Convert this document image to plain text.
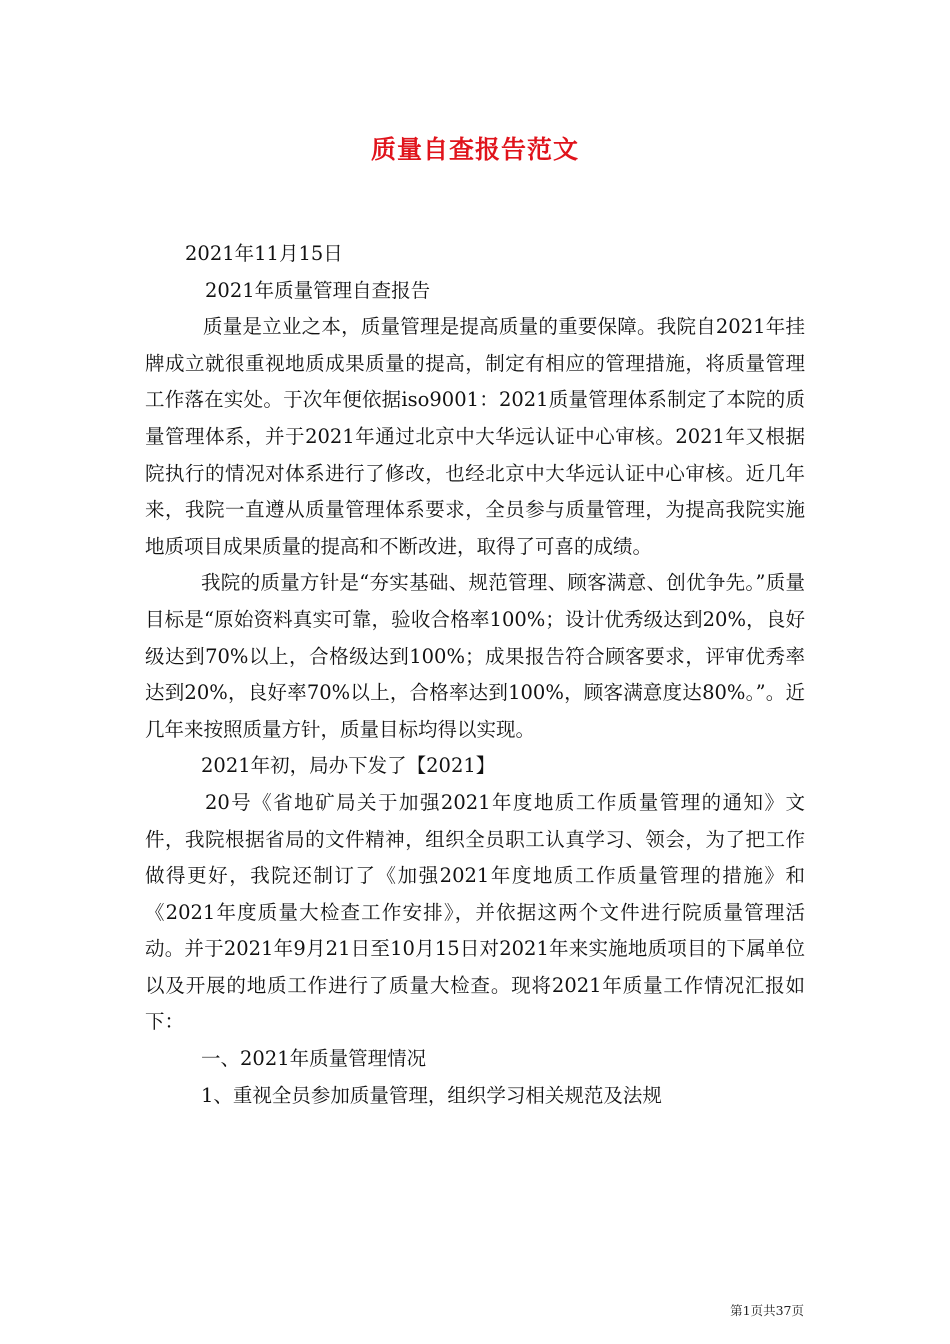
质量自查报告范文

2021年11月15日

2021年质量管理自查报告

质量是立业之本，质量管理是提高质量的重要保障。我院自2021年挂牌成立就很重视地质成果质量的提高，制定有相应的管理措施，将质量管理工作落在实处。于次年便依据iso9001：2021质量管理体系制定了本院的质量管理体系，并于2021年通过北京中大华远认证中心审核。2021年又根据院执行的情况对体系进行了修改，也经北京中大华远认证中心审核。近几年来，我院一直遵从质量管理体系要求，全员参与质量管理，为提高我院实施地质项目成果质量的提高和不断改进，取得了可喜的成绩。

我院的质量方针是“夯实基础、规范管理、顾客满意、创优争先。”质量目标是“原始资料真实可靠，验收合格率100%；设计优秀级达到20%，良好级达到70%以上，合格级达到100%；成果报告符合顾客要求，评审优秀率达到20%，良好率70%以上，合格率达到100%，顾客满意度达80%。”。近几年来按照质量方针，质量目标均得以实现。

2021年初，局办下发了【2021】

20号《省地矿局关于加强2021年度地质工作质量管理的通知》文件，我院根据省局的文件精神，组织全员职工认真学习、领会，为了把工作做得更好，我院还制订了《加强2021年度地质工作质量管理的措施》和《2021年度质量大检查工作安排》，并依据这两个文件进行院质量管理活动。并于2021年9月21日至10月15日对2021年来实施地质项目的下属单位以及开展的地质工作进行了质量大检查。现将2021年质量工作情况汇报如下：

一、2021年质量管理情况

1、重视全员参加质量管理，组织学习相关规范及法规

第1页共37页
